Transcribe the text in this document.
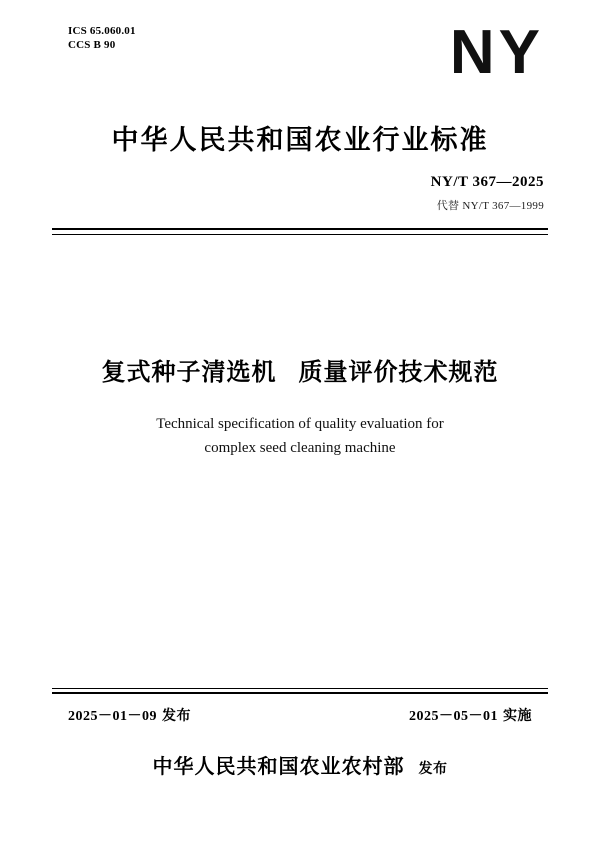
ICS 65.060.01
CCS B 90	NY
中华人民共和国农业行业标准
NY/T 367—2025
代替 NY/T 367—1999
复式种子清选机 质量评价技术规范
Technical specification of quality evaluation for
complex seed cleaning machine
2025－01－09 发布	2025－05－01 实施
中华人民共和国农业农村部 发布
